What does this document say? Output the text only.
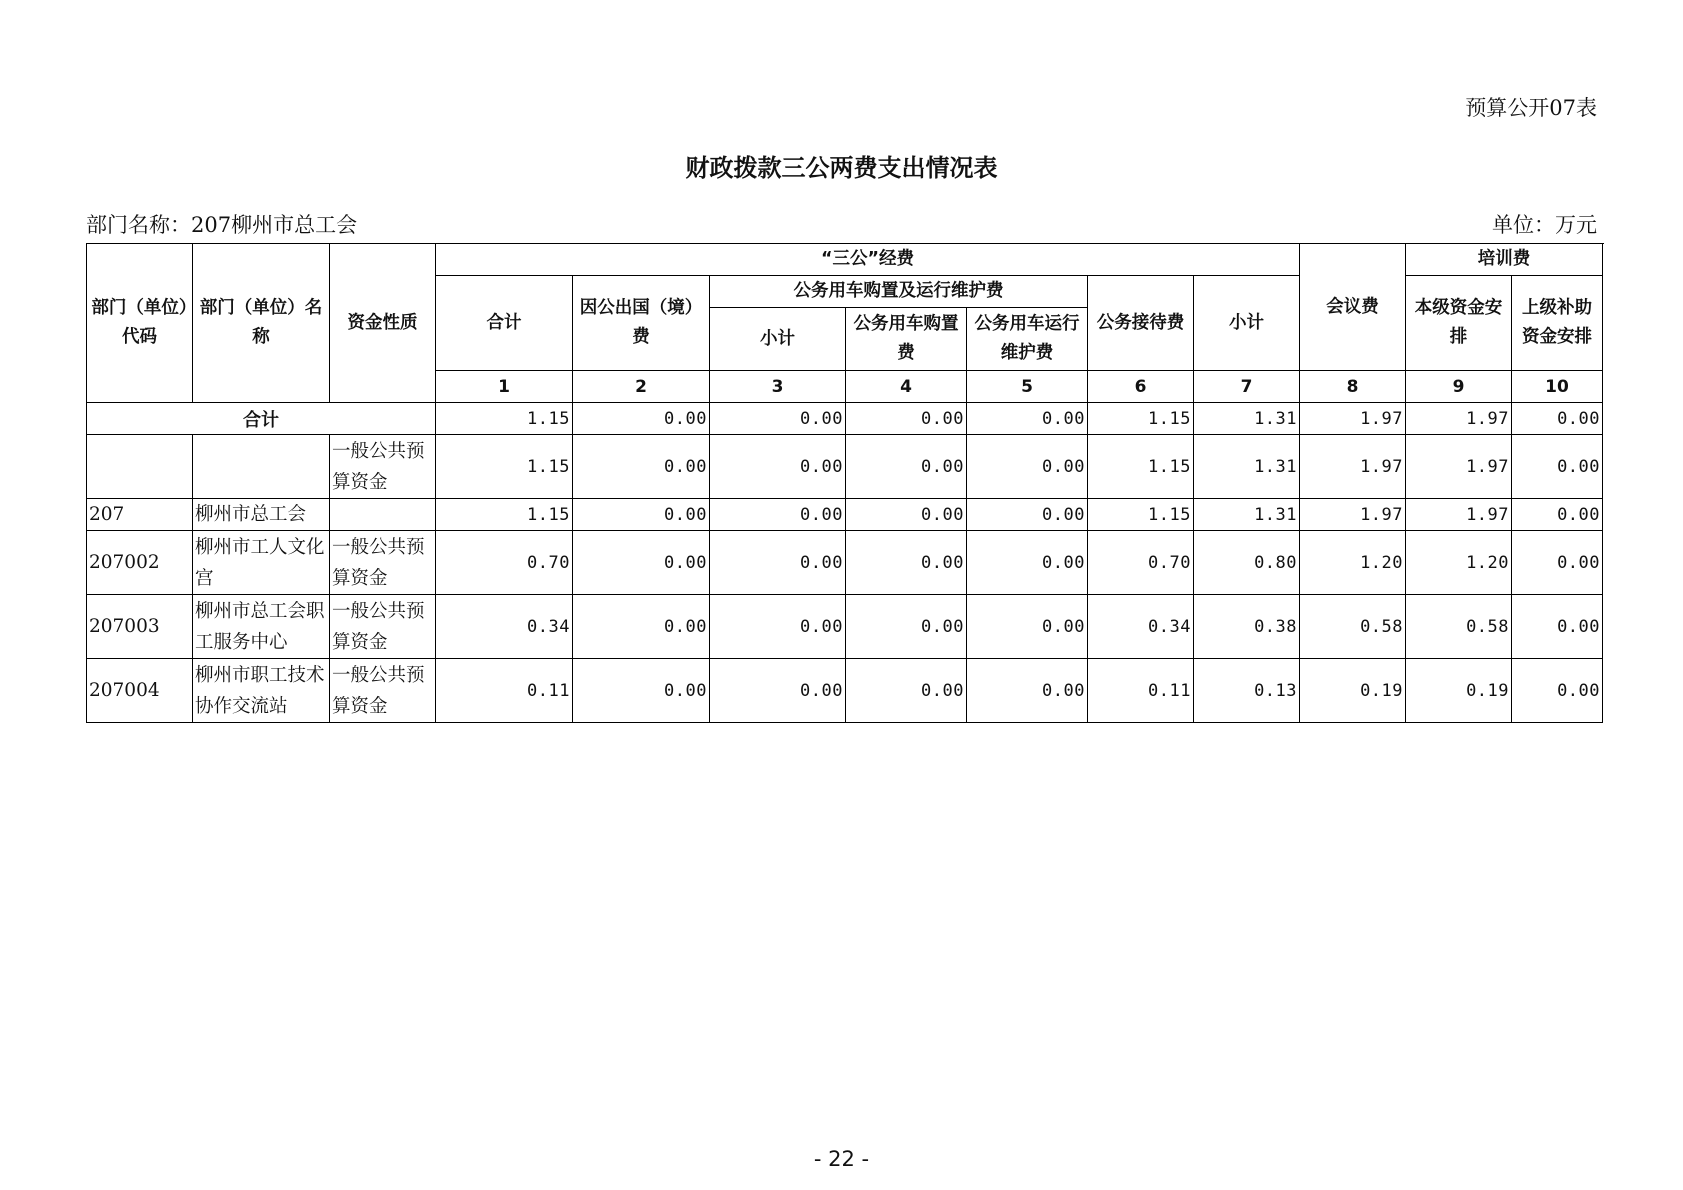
预算公开07表
财政拨款三公两费支出情况表
部门名称：207柳州市总工会	单位：万元
部门（单位）代码	部门（单位）名称	资金性质	“三公”经费							会议费	培训费	
			合计	因公出国（境）费	公务用车购置及运行维护费			公务接待费	小计		本级资金安排	上级补助资金安排
					小计	公务用车购置费	公务用车运行维护费					
			1	2	3	4	5	6	7	8	9	10
合计			1.15	0.00	0.00	0.00	0.00	1.15	1.31	1.97	1.97	0.00
		一般公共预算资金	1.15	0.00	0.00	0.00	0.00	1.15	1.31	1.97	1.97	0.00
207	柳州市总工会		1.15	0.00	0.00	0.00	0.00	1.15	1.31	1.97	1.97	0.00
207002	柳州市工人文化宫	一般公共预算资金	0.70	0.00	0.00	0.00	0.00	0.70	0.80	1.20	1.20	0.00
207003	柳州市总工会职工服务中心	一般公共预算资金	0.34	0.00	0.00	0.00	0.00	0.34	0.38	0.58	0.58	0.00
207004	柳州市职工技术协作交流站	一般公共预算资金	0.11	0.00	0.00	0.00	0.00	0.11	0.13	0.19	0.19	0.00
- 22 -
